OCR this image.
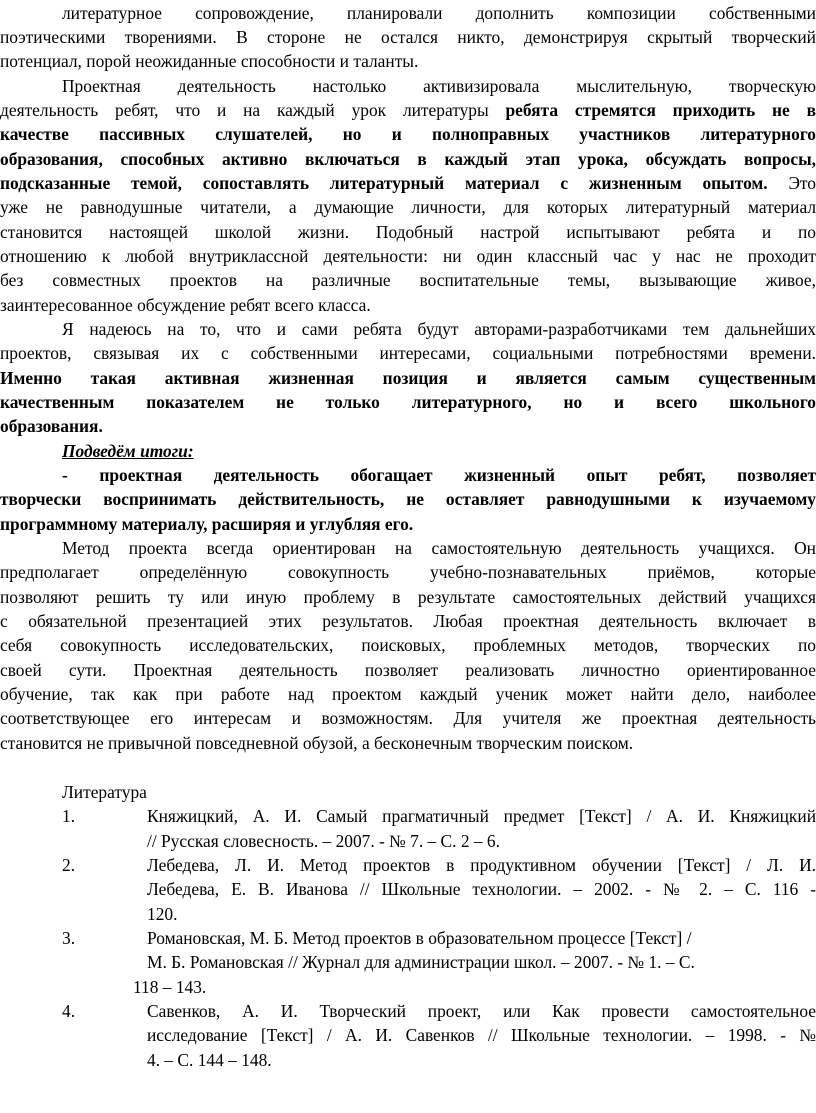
литературное сопровождение, планировали дополнить композиции собственными
поэтическими творениями. В стороне не остался никто, демонстрируя скрытый творческий
потенциал, порой неожиданные способности и таланты.
Проектная деятельность настолько активизировала мыслительную, творческую
деятельность ребят, что и на каждый урок литературы ребята стремятся приходить не в
качестве пассивных слушателей, но и полноправных участников литературного
образования, способных активно включаться в каждый этап урока, обсуждать вопросы,
подсказанные темой, сопоставлять литературный материал с жизненным опытом. Это
уже не равнодушные читатели, а думающие личности, для которых литературный материал
становится настоящей школой жизни. Подобный настрой испытывают ребята и по
отношению к любой внутриклассной деятельности: ни один классный час у нас не проходит
без совместных проектов на различные воспитательные темы, вызывающие живое,
заинтересованное обсуждение ребят всего класса.
Я надеюсь на то, что и сами ребята будут авторами-разработчиками тем дальнейших
проектов, связывая их с собственными интересами, социальными потребностями времени.
Именно такая активная жизненная позиция и является самым существенным
качественным показателем не только литературного, но и всего школьного
образования.
Подведём итоги:
- проектная деятельность обогащает жизненный опыт ребят, позволяет
творчески воспринимать действительность, не оставляет равнодушными к изучаемому
программному материалу, расширяя и углубляя его.
Метод проекта всегда ориентирован на самостоятельную деятельность учащихся. Он
предполагает определённую совокупность учебно-познавательных приёмов, которые
позволяют решить ту или иную проблему в результате самостоятельных действий учащихся
с обязательной презентацией этих результатов. Любая проектная деятельность включает в
себя совокупность исследовательских, поисковых, проблемных методов, творческих по
своей сути. Проектная деятельность позволяет реализовать личностно ориентированное
обучение, так как при работе над проектом каждый ученик может найти дело, наиболее
соответствующее его интересам и возможностям. Для учителя же проектная деятельность
становится не привычной повседневной обузой, а бесконечным творческим поиском.
Литература
1.	Княжицкий, А. И. Самый прагматичный предмет [Текст] / А. И. Княжицкий
// Русская словесность. – 2007. - № 7. – С. 2 – 6.
2.	Лебедева, Л. И. Метод проектов в продуктивном обучении [Текст] / Л. И.
Лебедева, Е. В. Иванова // Школьные технологии. – 2002. - № 2. – С. 116 -
120.
3.	Романовская, М. Б. Метод проектов в образовательном процессе [Текст] /
М. Б. Романовская // Журнал для администрации школ. – 2007. - № 1. – С.
118 – 143.
4.	Савенков, А. И. Творческий проект, или Как провести самостоятельное
исследование [Текст] / А. И. Савенков // Школьные технологии. – 1998. - №
4. – С. 144 – 148.
